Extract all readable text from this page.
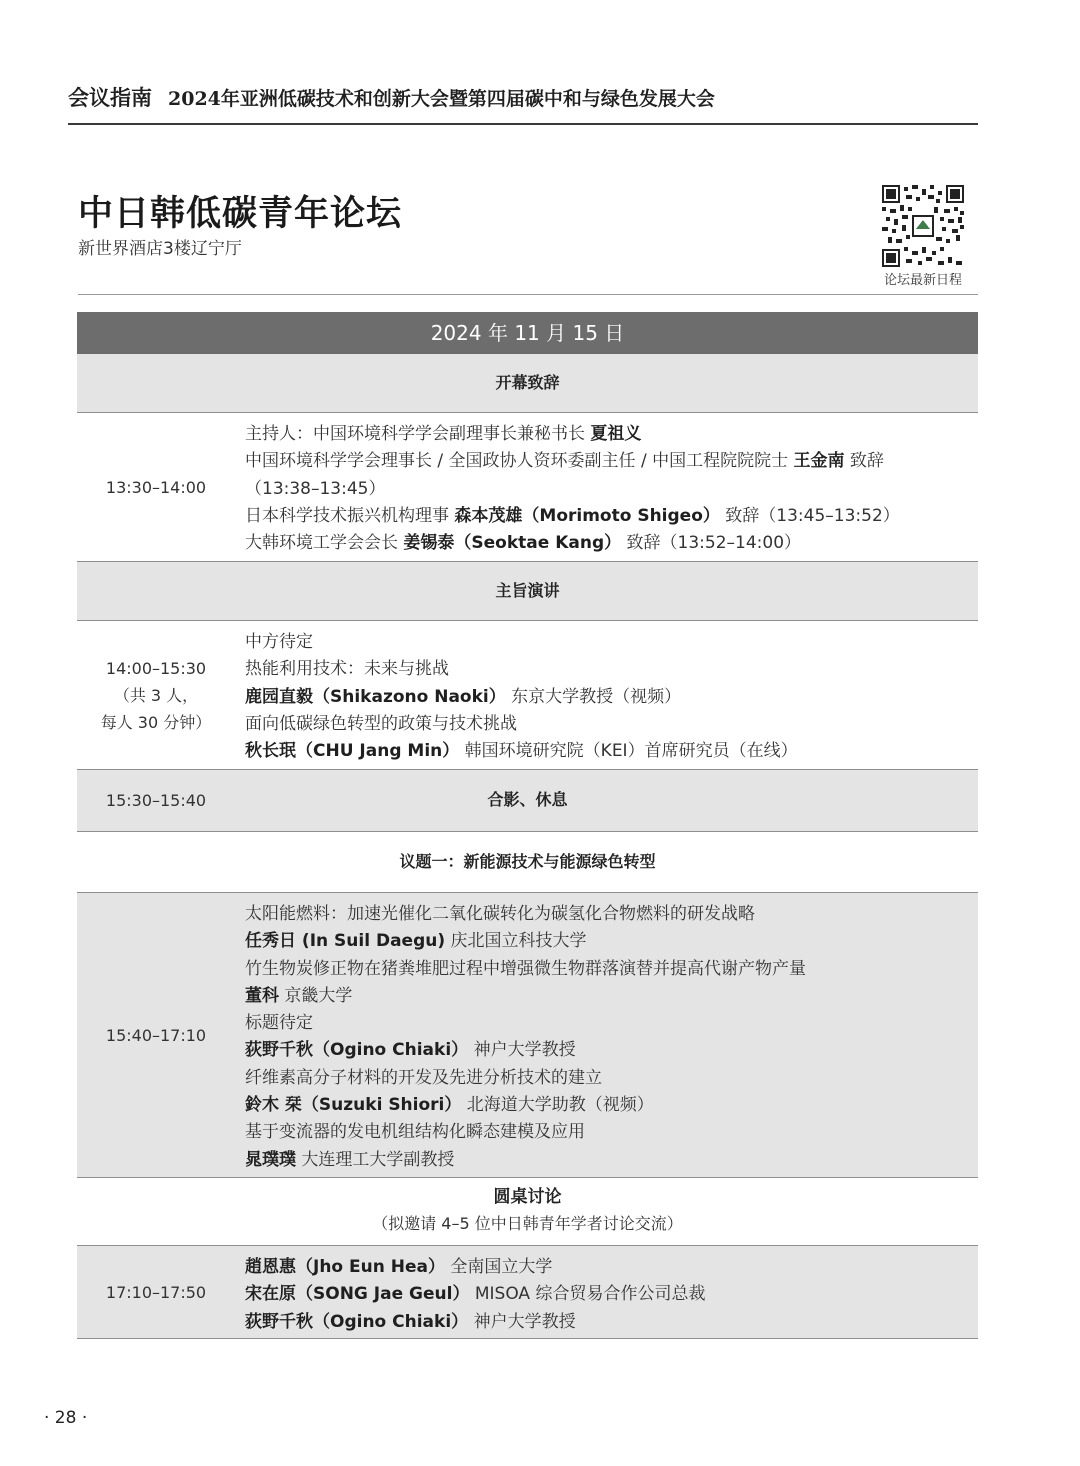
会议指南 2024年亚洲低碳技术和创新大会暨第四届碳中和与绿色发展大会
中日韩低碳青年论坛
新世界酒店3楼辽宁厅
论坛最新日程
2024 年 11 月 15 日
开幕致辞
13:30–14:00
主持人：中国环境科学学会副理事长兼秘书长 夏祖义
中国环境科学学会理事长 / 全国政协人资环委副主任 / 中国工程院院院士 王金南 致辞
（13:38–13:45）
日本科学技术振兴机构理事 森本茂雄（Morimoto Shigeo） 致辞（13:45–13:52）
大韩环境工学会会长 姜锡泰（Seoktae Kang） 致辞（13:52–14:00）
主旨演讲
14:00–15:30
（共 3 人，
每人 30 分钟）
中方待定
热能利用技术：未来与挑战
鹿园直毅（Shikazono Naoki） 东京大学教授（视频）
面向低碳绿色转型的政策与技术挑战
秋长珉（CHU Jang Min） 韩国环境研究院（KEI）首席研究员（在线）
15:30–15:40	合影、休息
议题一：新能源技术与能源绿色转型
15:40–17:10
太阳能燃料：加速光催化二氧化碳转化为碳氢化合物燃料的研发战略
任秀日 (In Suil Daegu) 庆北国立科技大学
竹生物炭修正物在猪粪堆肥过程中增强微生物群落演替并提高代谢产物产量
董科 京畿大学
标题待定
荻野千秋（Ogino Chiaki） 神户大学教授
纤维素高分子材料的开发及先进分析技术的建立
鈴木 栞（Suzuki Shiori） 北海道大学助教（视频）
基于变流器的发电机组结构化瞬态建模及应用
晁璞璞 大连理工大学副教授
圆桌讨论
（拟邀请 4–5 位中日韩青年学者讨论交流）
17:10–17:50
趙恩惠（Jho Eun Hea） 全南国立大学
宋在原（SONG Jae Geul） MISOA 综合贸易合作公司总裁
荻野千秋（Ogino Chiaki） 神户大学教授
· 28 ·
